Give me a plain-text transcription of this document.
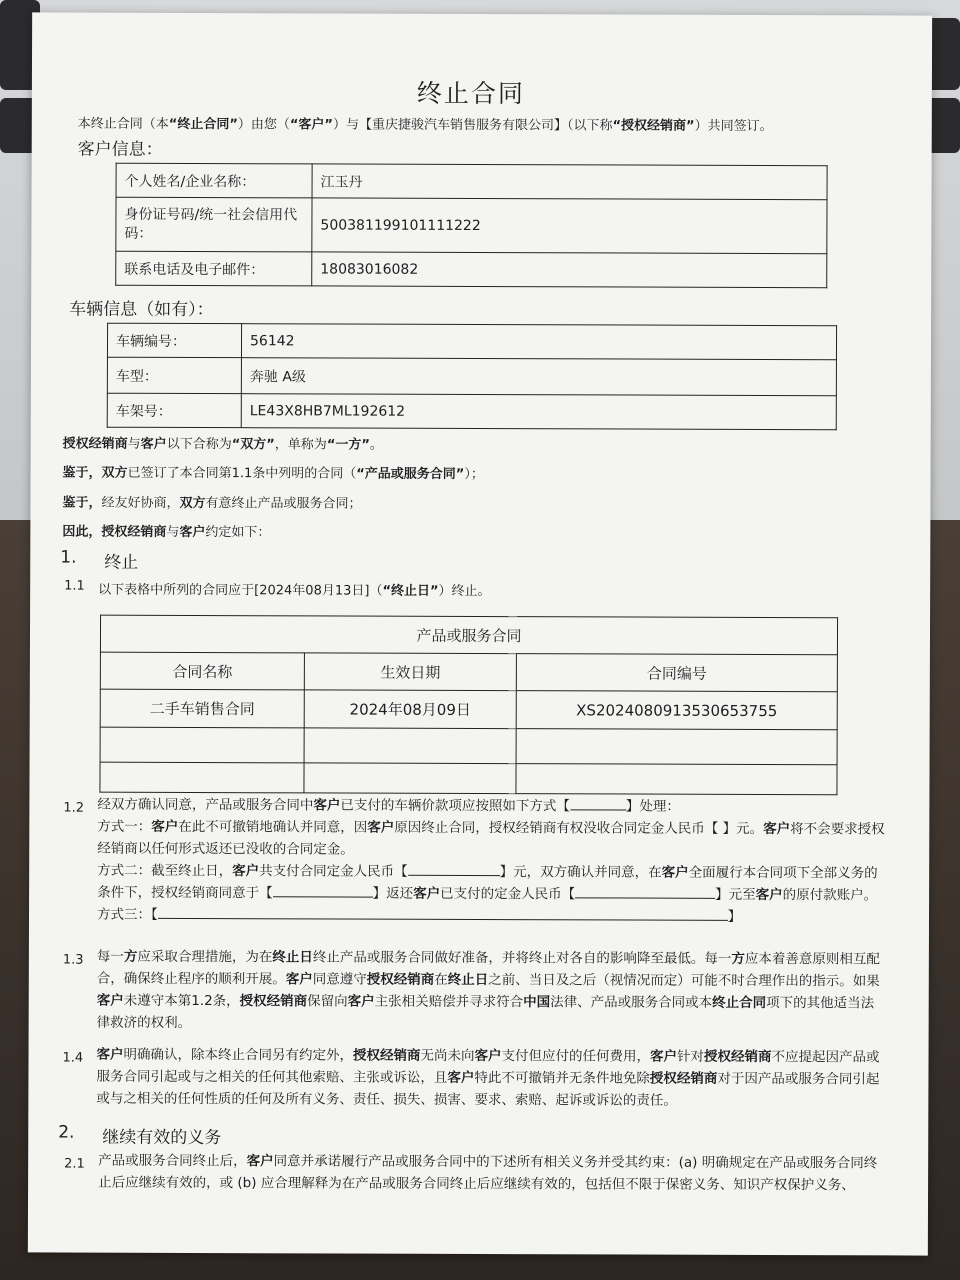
终止合同
本终止合同（本“终止合同”）由您（“客户”）与【重庆捷骏汽车销售服务有限公司】（以下称“授权经销商”）共同签订。
客户信息：
个人姓名/企业名称：	江玉丹
身份证号码/统一社会信用代码：	500381199101111222
联系电话及电子邮件：	18083016082
车辆信息（如有）：
车辆编号：	56142
车型：	奔驰 A级
车架号：	LE43X8HB7ML192612
授权经销商与客户以下合称为“双方”，单称为“一方”。
鉴于，双方已签订了本合同第1.1条中列明的合同（“产品或服务合同”）；
鉴于，经友好协商，双方有意终止产品或服务合同；
因此，授权经销商与客户约定如下：
1. 终止
1.1 以下表格中所列的合同应于[2024年08月13日]（“终止日”）终止。
产品或服务合同		
合同名称	生效日期	合同编号
二手车销售合同	2024年08月09日	XS2024080913530653755

1.2 经双方确认同意，产品或服务合同中客户已支付的车辆价款项应按照如下方式【	】处理：
方式一：客户在此不可撤销地确认并同意，因客户原因终止合同，授权经销商有权没收合同定金人民币【 】元。客户将不会要求授权经销商以任何形式返还已没收的合同定金。
方式二：截至终止日，客户共支付合同定金人民币【	】元，双方确认并同意，在客户全面履行本合同项下全部义务的条件下，授权经销商同意于【	】返还客户已支付的定金人民币【	】元至客户的原付款账户。
方式三：【	】
1.3 每一方应采取合理措施，为在终止日终止产品或服务合同做好准备，并将终止对各自的影响降至最低。每一方应本着善意原则相互配合，确保终止程序的顺利开展。客户同意遵守授权经销商在终止日之前、当日及之后（视情况而定）可能不时合理作出的指示。如果客户未遵守本第1.2条，授权经销商保留向客户主张相关赔偿并寻求符合中国法律、产品或服务合同或本终止合同项下的其他适当法律救济的权利。
1.4 客户明确确认，除本终止合同另有约定外，授权经销商无尚未向客户支付但应付的任何费用，客户针对授权经销商不应提起因产品或服务合同引起或与之相关的任何其他索赔、主张或诉讼，且客户特此不可撤销并无条件地免除授权经销商对于因产品或服务合同引起或与之相关的任何性质的任何及所有义务、责任、损失、损害、要求、索赔、起诉或诉讼的责任。
2. 继续有效的义务
2.1 产品或服务合同终止后，客户同意并承诺履行产品或服务合同中的下述所有相关义务并受其约束：(a) 明确规定在产品或服务合同终止后应继续有效的，或 (b) 应合理解释为在产品或服务合同终止后应继续有效的，包括但不限于保密义务、知识产权保护义务、
